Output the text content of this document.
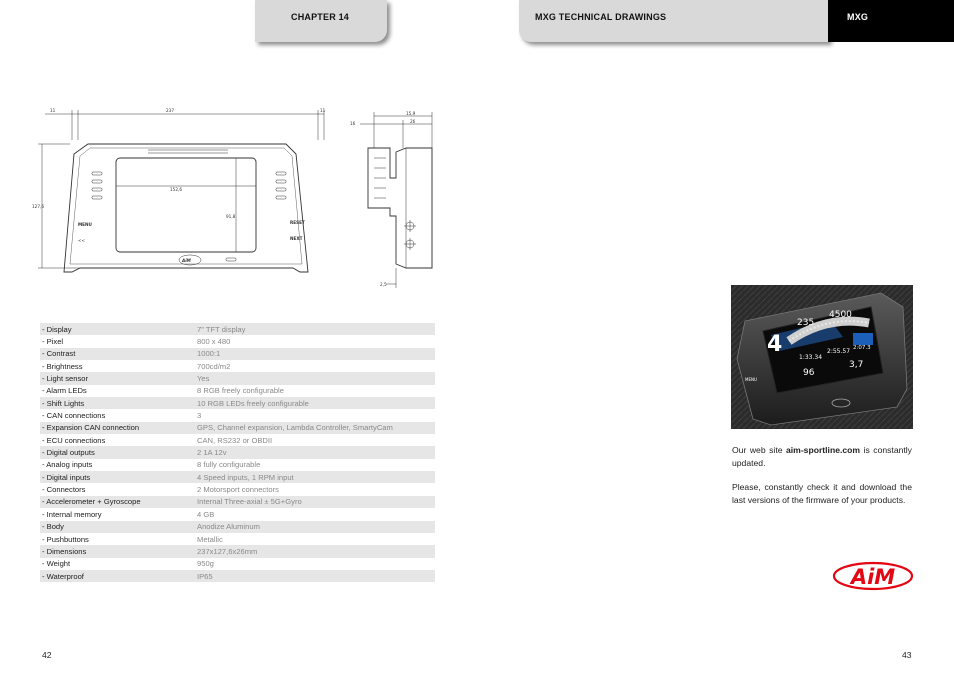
CHAPTER 14	MXG TECHNICAL DRAWINGS	MXG
11	237	11
127,6
152,6
91,8
MENU
<<
RESET
NEXT
AiM
15,9
16	26
2,5
- Display	7" TFT display
- Pixel	800 x 480
- Contrast	1000:1
- Brightness	700cd/m2
- Light sensor	Yes
- Alarm LEDs	8 RGB freely configurable
- Shift Lights	10 RGB LEDs freely configurable
- CAN connections	3
- Expansion CAN connection	GPS, Channel expansion, Lambda Controller, SmartyCam
- ECU connections	CAN, RS232 or OBDII
- Digital outputs	2 1A 12v
- Analog inputs	8 fully configurable
- Digital inputs	4 Speed inputs, 1 RPM input
- Connectors	2 Motorsport connectors
- Accelerometer + Gyroscope	Internal Three-axial ± 5G+Gyro
- Internal memory	4 GB
- Body	Anodize Aluminum
- Pushbuttons	Metallic
- Dimensions	237x127,6x26mm
- Weight	950g
- Waterproof	IP65
4
235
4500
1:33.34
2:55.57 2:07.3
96
3,7
MENU
Our web site aim-sportline.com is constantly updated.
Please, constantly check it and download the last versions of the firmware of your products.
AiM
42	43
